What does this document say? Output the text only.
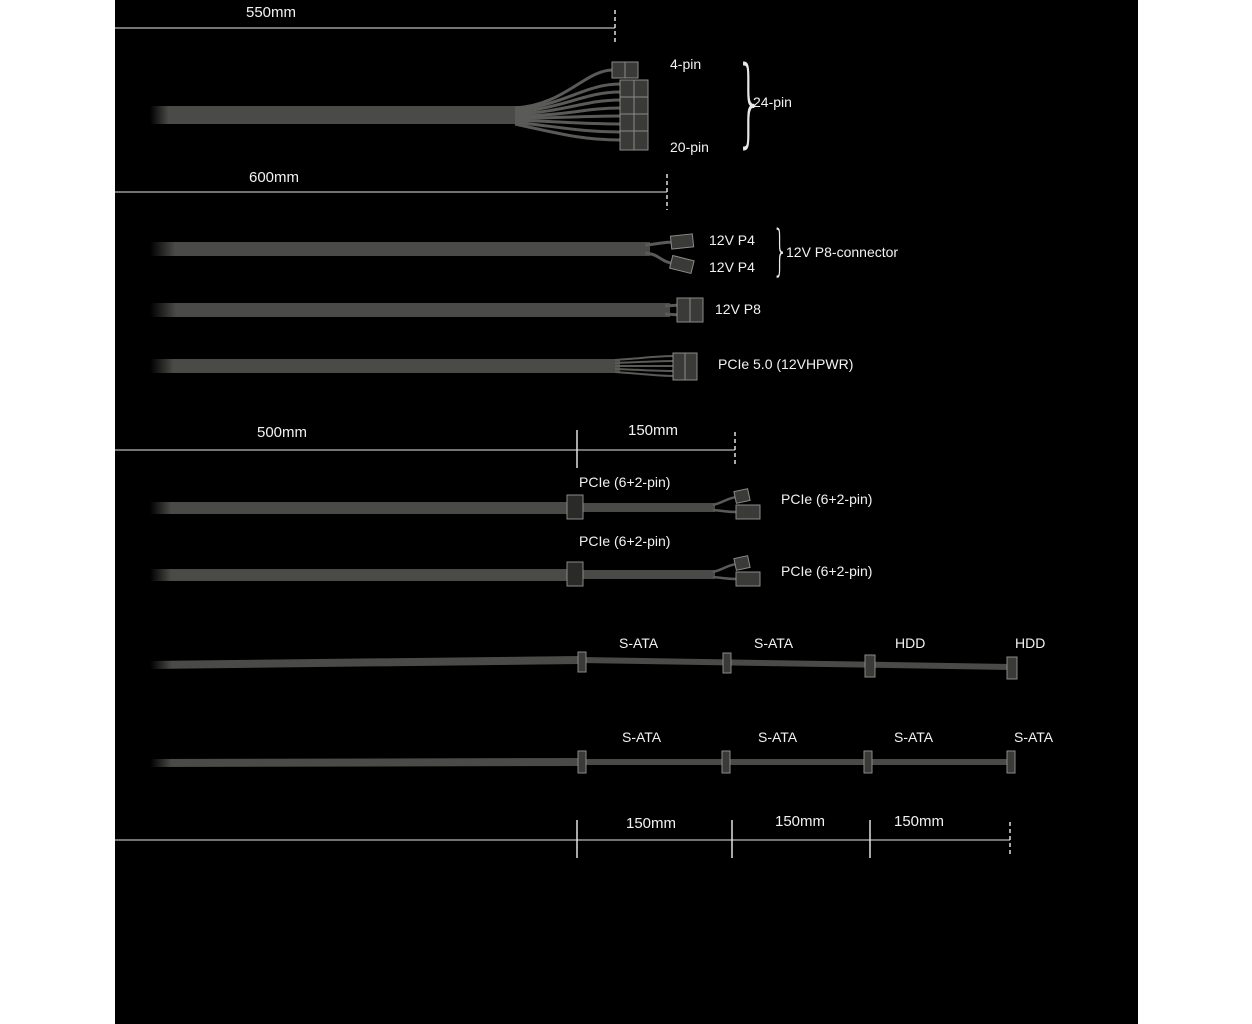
}
}
550mm
600mm
500mm	150mm
150mm	150mm	150mm
4-pin
20-pin
24-pin
12V P4
12V P4
12V P8-connector
12V P8
PCIe 5.0 (12VHPWR)
PCIe (6+2-pin)
PCIe (6+2-pin)
PCIe (6+2-pin)
PCIe (6+2-pin)
S-ATA	S-ATA	HDD	HDD
S-ATA	S-ATA	S-ATA	S-ATA
